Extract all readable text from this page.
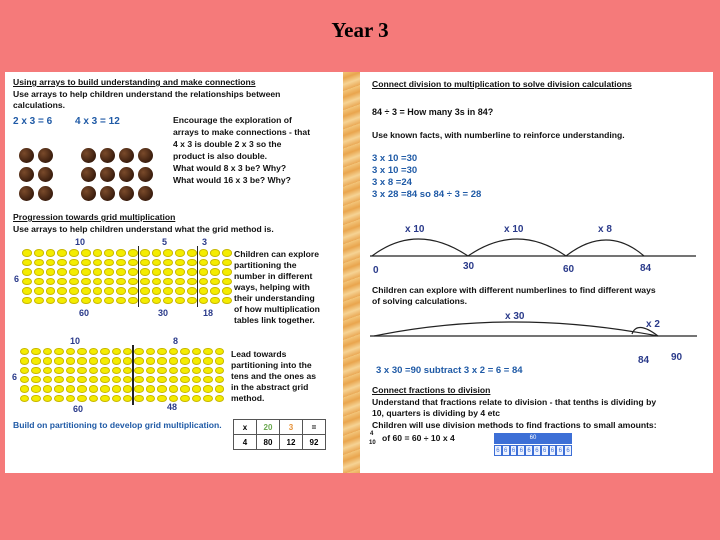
Year 3
Using arrays to build understanding and make connections
Use arrays to help children understand the relationships between
calculations.
2 x 3 = 6 4 x 3 = 12	Encourage the exploration of
arrays to make connections - that
4 x 3 is double 2 x 3 so the
product is also double.
What would 8 x 3 be? Why?
What would 16 x 3 be? Why?
Progression towards grid multiplication
Use arrays to help children understand what the grid method is.
10	5	3
6
60	30	18
Children can explore
partitioning the
number in different
ways, helping with
their understanding
of how multiplication
tables link together.
10	8
6
60	48
Lead towards
partitioning into the
tens and the ones as
in the abstract grid
method.
Build on partitioning to develop grid multiplication.	x	20	3	=
4	80	12	92
Connect division to multiplication to solve division calculations
84 ÷ 3 = How many 3s in 84?
Use known facts, with numberline to reinforce understanding.
3 x 10 =30
3 x 10 =30
3 x 8 =24
3 x 28 =84 so 84 ÷ 3 = 28
x 10	x 10	x 8
0	30	60	84
Children can explore with different numberlines to find different ways
of solving calculations.
x 30
x 2
84 90
3 x 30 =90 subtract 3 x 2 = 6 = 84
Connect fractions to division
Understand that fractions relate to division - that tenths is dividing by
10, quarters is dividing by 4 etc
Children will use division methods to find fractions to small amounts:
4
10 of 60 = 60 ÷ 10 x 4	60
6 6 6 6 6 6 6 6 6 6
